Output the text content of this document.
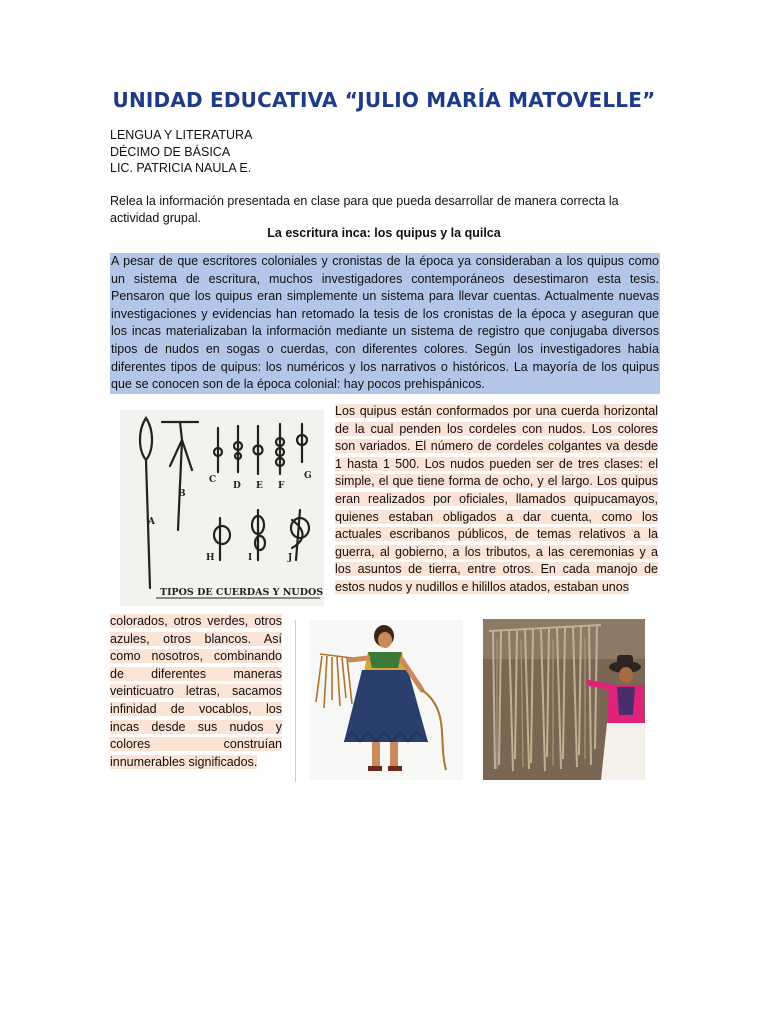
UNIDAD EDUCATIVA “JULIO MARÍA MATOVELLE”
LENGUA Y LITERATURA
DÉCIMO DE BÁSICA
LIC. PATRICIA NAULA E.
Relea la información presentada en clase para que pueda desarrollar de manera correcta la actividad grupal.
La escritura inca: los quipus y la quilca
A pesar de que escritores coloniales y cronistas de la época ya consideraban a los quipus como un sistema de escritura, muchos investigadores contemporáneos desestimaron esta tesis. Pensaron que los quipus eran simplemente un sistema para llevar cuentas. Actualmente nuevas investigaciones y evidencias han retomado la tesis de los cronistas de la época y aseguran que los incas materializaban la información mediante un sistema de registro que conjugaba diversos tipos de nudos en sogas o cuerdas, con diferentes colores. Según los investigadores había diferentes tipos de quipus: los numéricos y los narrativos o históricos. La mayoría de los quipus que se conocen son de la época colonial: hay pocos prehispánicos.
A
B
C
D E F
G
H	I	J
TIPOS DE CUERDAS Y NUDOS
Los quipus están conformados por una cuerda horizontal de la cual penden los cordeles con nudos. Los colores son variados. El número de cordeles colgantes va desde 1 hasta 1 500. Los nudos pueden ser de tres clases: el simple, el que tiene forma de ocho, y el largo. Los quipus eran realizados por oficiales, llamados quipucamayos, quienes estaban obligados a dar cuenta, como los actuales escribanos públicos, de temas relativos a la guerra, al gobierno, a los tributos, a las ceremonias y a los asuntos de tierra, entre otros. En cada manojo de estos nudos y nudillos e hilillos atados, estaban unos
colorados, otros verdes, otros azules, otros blancos. Así como nosotros, combinando de diferentes maneras veinticuatro letras, sacamos infinidad de vocablos, los incas desde sus nudos y colores construían innumerables significados.
